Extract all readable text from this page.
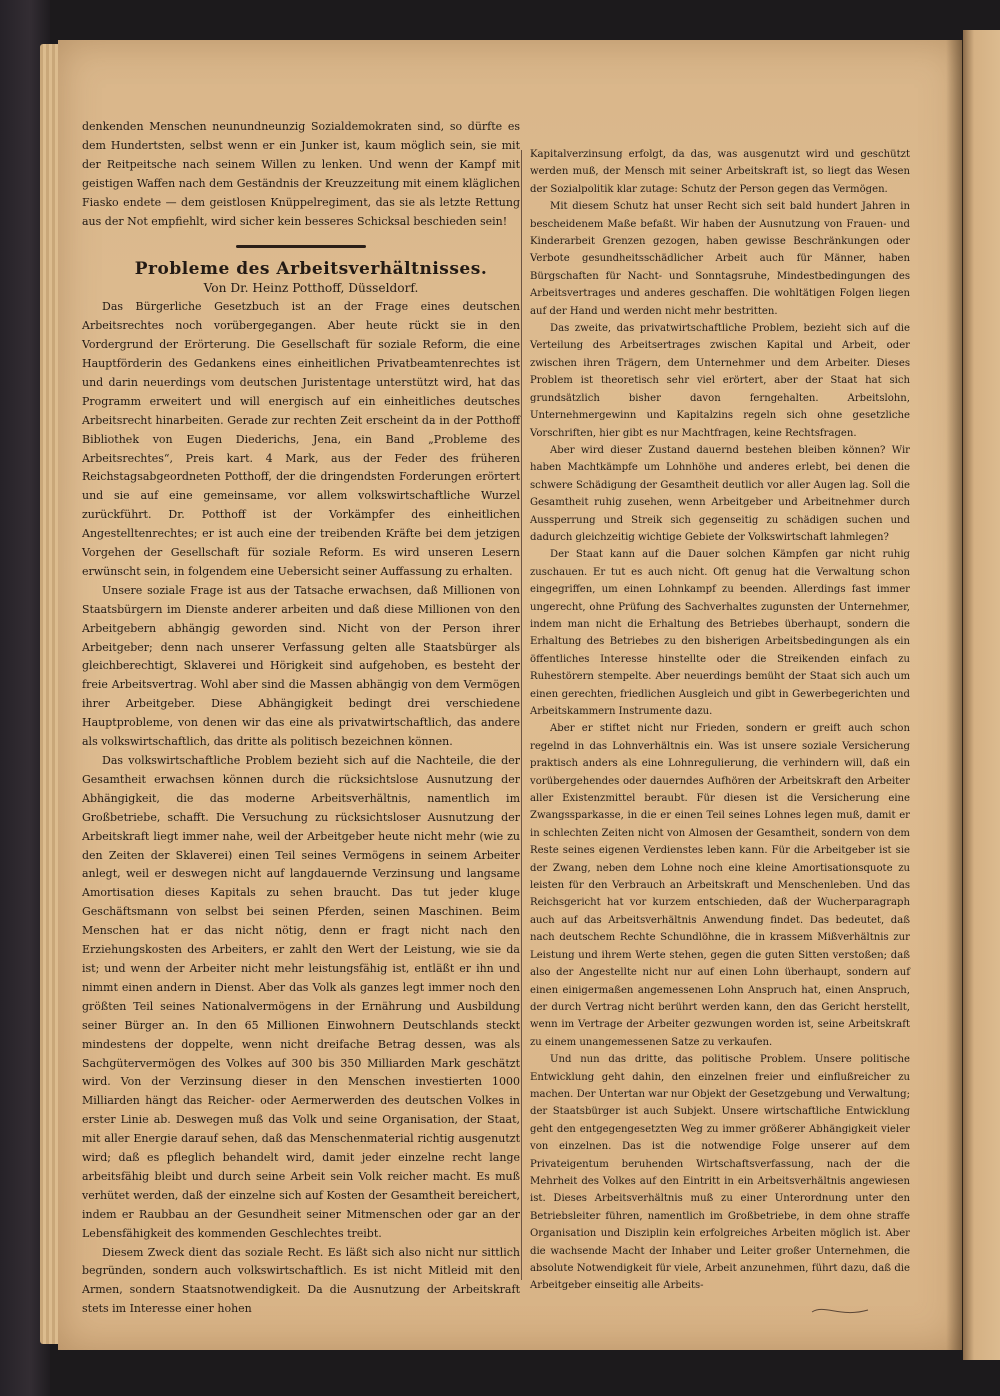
denkenden Menschen neunundneunzig Sozialdemokraten sind, so dürfte es dem Hundertsten, selbst wenn er ein Junker ist, kaum möglich sein, sie mit der Reitpeitsche nach seinem Willen zu lenken. Und wenn der Kampf mit geistigen Waffen nach dem Geständnis der Kreuzzeitung mit einem kläglichen Fiasko endete — dem geistlosen Knüppelregiment, das sie als letzte Rettung aus der Not empfiehlt, wird sicher kein besseres Schicksal beschieden sein!

Probleme des Arbeitsverhältnisses.

Von Dr. Heinz Potthoff, Düsseldorf.

Das Bürgerliche Gesetzbuch ist an der Frage eines deutschen Arbeitsrechtes noch vorübergegangen. Aber heute rückt sie in den Vordergrund der Erörterung. Die Gesellschaft für soziale Reform, die eine Hauptförderin des Gedankens eines einheitlichen Privatbeamtenrechtes ist und darin neuerdings vom deutschen Juristentage unterstützt wird, hat das Programm erweitert und will energisch auf ein einheitliches deutsches Arbeitsrecht hinarbeiten. Gerade zur rechten Zeit erscheint da in der Potthoff Bibliothek von Eugen Diederichs, Jena, ein Band „Probleme des Arbeitsrechtes“, Preis kart. 4 Mark, aus der Feder des früheren Reichstagsabgeordneten Potthoff, der die dringendsten Forderungen erörtert und sie auf eine gemeinsame, vor allem volkswirtschaftliche Wurzel zurückführt. Dr. Potthoff ist der Vorkämpfer des einheitlichen Angestelltenrechtes; er ist auch eine der treibenden Kräfte bei dem jetzigen Vorgehen der Gesellschaft für soziale Reform. Es wird unseren Lesern erwünscht sein, in folgendem eine Uebersicht seiner Auffassung zu erhalten.

Unsere soziale Frage ist aus der Tatsache erwachsen, daß Millionen von Staatsbürgern im Dienste anderer arbeiten und daß diese Millionen von den Arbeitgebern abhängig geworden sind. Nicht von der Person ihrer Arbeitgeber; denn nach unserer Verfassung gelten alle Staatsbürger als gleichberechtigt, Sklaverei und Hörigkeit sind aufgehoben, es besteht der freie Arbeitsvertrag. Wohl aber sind die Massen abhängig von dem Vermögen ihrer Arbeitgeber. Diese Abhängigkeit bedingt drei verschiedene Hauptprobleme, von denen wir das eine als privatwirtschaftlich, das andere als volkswirtschaftlich, das dritte als politisch bezeichnen können.

Das volkswirtschaftliche Problem bezieht sich auf die Nachteile, die der Gesamtheit erwachsen können durch die rücksichtslose Ausnutzung der Abhängigkeit, die das moderne Arbeitsverhältnis, namentlich im Großbetriebe, schafft. Die Versuchung zu rücksichtsloser Ausnutzung der Arbeitskraft liegt immer nahe, weil der Arbeitgeber heute nicht mehr (wie zu den Zeiten der Sklaverei) einen Teil seines Vermögens in seinem Arbeiter anlegt, weil er deswegen nicht auf langdauernde Verzinsung und langsame Amortisation dieses Kapitals zu sehen braucht. Das tut jeder kluge Geschäftsmann von selbst bei seinen Pferden, seinen Maschinen. Beim Menschen hat er das nicht nötig, denn er fragt nicht nach den Erziehungskosten des Arbeiters, er zahlt den Wert der Leistung, wie sie da ist; und wenn der Arbeiter nicht mehr leistungsfähig ist, entläßt er ihn und nimmt einen andern in Dienst. Aber das Volk als ganzes legt immer noch den größten Teil seines Nationalvermögens in der Ernährung und Ausbildung seiner Bürger an. In den 65 Millionen Einwohnern Deutschlands steckt mindestens der doppelte, wenn nicht dreifache Betrag dessen, was als Sachgütervermögen des Volkes auf 300 bis 350 Milliarden Mark geschätzt wird. Von der Verzinsung dieser in den Menschen investierten 1000 Milliarden hängt das Reicher- oder Aermerwerden des deutschen Volkes in erster Linie ab. Deswegen muß das Volk und seine Organisation, der Staat, mit aller Energie darauf sehen, daß das Menschenmaterial richtig ausgenutzt wird; daß es pfleglich behandelt wird, damit jeder einzelne recht lange arbeitsfähig bleibt und durch seine Arbeit sein Volk reicher macht. Es muß verhütet werden, daß der einzelne sich auf Kosten der Gesamtheit bereichert, indem er Raubbau an der Gesundheit seiner Mitmenschen oder gar an der Lebensfähigkeit des kommenden Geschlechtes treibt.

Diesem Zweck dient das soziale Recht. Es läßt sich also nicht nur sittlich begründen, sondern auch volkswirtschaftlich. Es ist nicht Mitleid mit den Armen, sondern Staatsnotwendigkeit. Da die Ausnutzung der Arbeitskraft stets im Interesse einer hohen

Kapitalverzinsung erfolgt, da das, was ausgenutzt wird und geschützt werden muß, der Mensch mit seiner Arbeitskraft ist, so liegt das Wesen der Sozialpolitik klar zutage: Schutz der Person gegen das Vermögen.

Mit diesem Schutz hat unser Recht sich seit bald hundert Jahren in bescheidenem Maße befaßt. Wir haben der Ausnutzung von Frauen- und Kinderarbeit Grenzen gezogen, haben gewisse Beschränkungen oder Verbote gesundheitsschädlicher Arbeit auch für Männer, haben Bürgschaften für Nacht- und Sonntagsruhe, Mindestbedingungen des Arbeitsvertrages und anderes geschaffen. Die wohltätigen Folgen liegen auf der Hand und werden nicht mehr bestritten.

Das zweite, das privatwirtschaftliche Problem, bezieht sich auf die Verteilung des Arbeitsertrages zwischen Kapital und Arbeit, oder zwischen ihren Trägern, dem Unternehmer und dem Arbeiter. Dieses Problem ist theoretisch sehr viel erörtert, aber der Staat hat sich grundsätzlich bisher davon ferngehalten. Arbeitslohn, Unternehmergewinn und Kapitalzins regeln sich ohne gesetzliche Vorschriften, hier gibt es nur Machtfragen, keine Rechtsfragen.

Aber wird dieser Zustand dauernd bestehen bleiben können? Wir haben Machtkämpfe um Lohnhöhe und anderes erlebt, bei denen die schwere Schädigung der Gesamtheit deutlich vor aller Augen lag. Soll die Gesamtheit ruhig zusehen, wenn Arbeitgeber und Arbeitnehmer durch Aussperrung und Streik sich gegenseitig zu schädigen suchen und dadurch gleichzeitig wichtige Gebiete der Volkswirtschaft lahmlegen?

Der Staat kann auf die Dauer solchen Kämpfen gar nicht ruhig zuschauen. Er tut es auch nicht. Oft genug hat die Verwaltung schon eingegriffen, um einen Lohnkampf zu beenden. Allerdings fast immer ungerecht, ohne Prüfung des Sachverhaltes zugunsten der Unternehmer, indem man nicht die Erhaltung des Betriebes überhaupt, sondern die Erhaltung des Betriebes zu den bisherigen Arbeitsbedingungen als ein öffentliches Interesse hinstellte oder die Streikenden einfach zu Ruhestörern stempelte. Aber neuerdings bemüht der Staat sich auch um einen gerechten, friedlichen Ausgleich und gibt in Gewerbegerichten und Arbeitskammern Instrumente dazu.

Aber er stiftet nicht nur Frieden, sondern er greift auch schon regelnd in das Lohnverhältnis ein. Was ist unsere soziale Versicherung praktisch anders als eine Lohnregulierung, die verhindern will, daß ein vorübergehendes oder dauerndes Aufhören der Arbeitskraft den Arbeiter aller Existenzmittel beraubt. Für diesen ist die Versicherung eine Zwangssparkasse, in die er einen Teil seines Lohnes legen muß, damit er in schlechten Zeiten nicht von Almosen der Gesamtheit, sondern von dem Reste seines eigenen Verdienstes leben kann. Für die Arbeitgeber ist sie der Zwang, neben dem Lohne noch eine kleine Amortisationsquote zu leisten für den Verbrauch an Arbeitskraft und Menschenleben. Und das Reichsgericht hat vor kurzem entschieden, daß der Wucherparagraph auch auf das Arbeitsverhältnis Anwendung findet. Das bedeutet, daß nach deutschem Rechte Schundlöhne, die in krassem Mißverhältnis zur Leistung und ihrem Werte stehen, gegen die guten Sitten verstoßen; daß also der Angestellte nicht nur auf einen Lohn überhaupt, sondern auf einen einigermaßen angemessenen Lohn Anspruch hat, einen Anspruch, der durch Vertrag nicht berührt werden kann, den das Gericht herstellt, wenn im Vertrage der Arbeiter gezwungen worden ist, seine Arbeitskraft zu einem unangemessenen Satze zu verkaufen.

Und nun das dritte, das politische Problem. Unsere politische Entwicklung geht dahin, den einzelnen freier und einflußreicher zu machen. Der Untertan war nur Objekt der Gesetzgebung und Verwaltung; der Staatsbürger ist auch Subjekt. Unsere wirtschaftliche Entwicklung geht den entgegengesetzten Weg zu immer größerer Abhängigkeit vieler von einzelnen. Das ist die notwendige Folge unserer auf dem Privateigentum beruhenden Wirtschaftsverfassung, nach der die Mehrheit des Volkes auf den Eintritt in ein Arbeitsverhältnis angewiesen ist. Dieses Arbeitsverhältnis muß zu einer Unterordnung unter den Betriebsleiter führen, namentlich im Großbetriebe, in dem ohne straffe Organisation und Disziplin kein erfolgreiches Arbeiten möglich ist. Aber die wachsende Macht der Inhaber und Leiter großer Unternehmen, die absolute Notwendigkeit für viele, Arbeit anzunehmen, führt dazu, daß die Arbeitgeber einseitig alle Arbeits-
